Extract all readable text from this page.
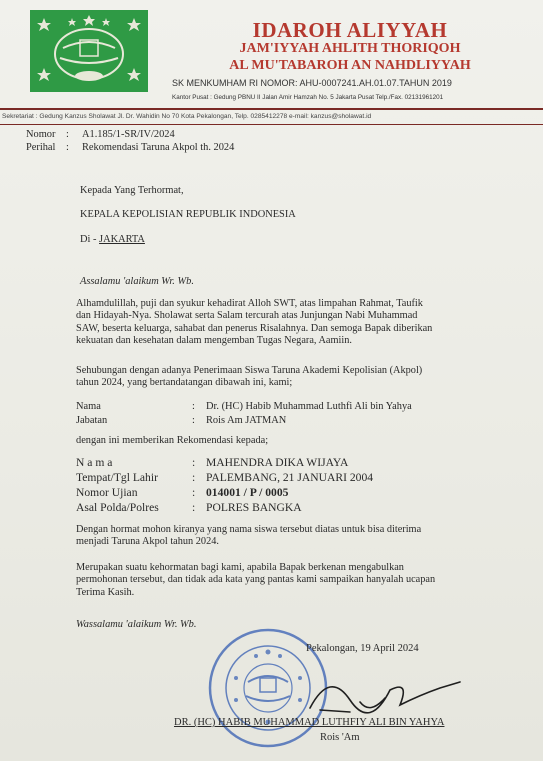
IDAROH ALIYYAH
JAM'IYYAH AHLITH THORIQOH
AL MU'TABAROH AN NAHDLIYYAH
SK MENKUMHAM RI NOMOR: AHU-0007241.AH.01.07.TAHUN 2019
Kantor Pusat : Gedung PBNU II Jalan Amir Hamzah No. 5 Jakarta Pusat Telp./Fax. 02131961201
Sekretariat : Gedung Kanzus Sholawat Jl. Dr. Wahidin No 70 Kota Pekalongan, Telp. 0285412278 e-mail: kanzus@sholawat.id
Nomor : A1.185/1-SR/IV/2024
Perihal : Rekomendasi Taruna Akpol th. 2024
Kepada Yang Terhormat,
KEPALA KEPOLISIAN REPUBLIK INDONESIA
Di - JAKARTA
Assalamu 'alaikum Wr. Wb.
Alhamdulillah, puji dan syukur kehadirat Alloh SWT, atas limpahan Rahmat, Taufik
dan Hidayah-Nya. Sholawat serta Salam tercurah atas Junjungan Nabi Muhammad
SAW, beserta keluarga, sahabat dan penerus Risalahnya. Dan semoga Bapak diberikan
kekuatan dan kesehatan dalam mengemban Tugas Negara, Aamiin.
Sehubungan dengan adanya Penerimaan Siswa Taruna Akademi Kepolisian (Akpol)
tahun 2024, yang bertandatangan dibawah ini, kami;
Nama	: Dr. (HC) Habib Muhammad Luthfi Ali bin Yahya
Jabatan	: Rois Am JATMAN
dengan ini memberikan Rekomendasi kepada;
N a m a	: MAHENDRA DIKA WIJAYA
Tempat/Tgl Lahir	: PALEMBANG, 21 JANUARI 2004
Nomor Ujian	: 014001 / P / 0005
Asal Polda/Polres	: POLRES BANGKA
Dengan hormat mohon kiranya yang nama siswa tersebut diatas untuk bisa diterima
menjadi Taruna Akpol tahun 2024.
Merupakan suatu kehormatan bagi kami, apabila Bapak berkenan mengabulkan
permohonan tersebut, dan tidak ada kata yang pantas kami sampaikan hanyalah ucapan
Terima Kasih.
Wassalamu 'alaikum Wr. Wb.
Pekalongan, 19 April 2024
DR. (HC) HABIB MUHAMMAD LUTHFIY ALI BIN YAHYA
Rois 'Am
